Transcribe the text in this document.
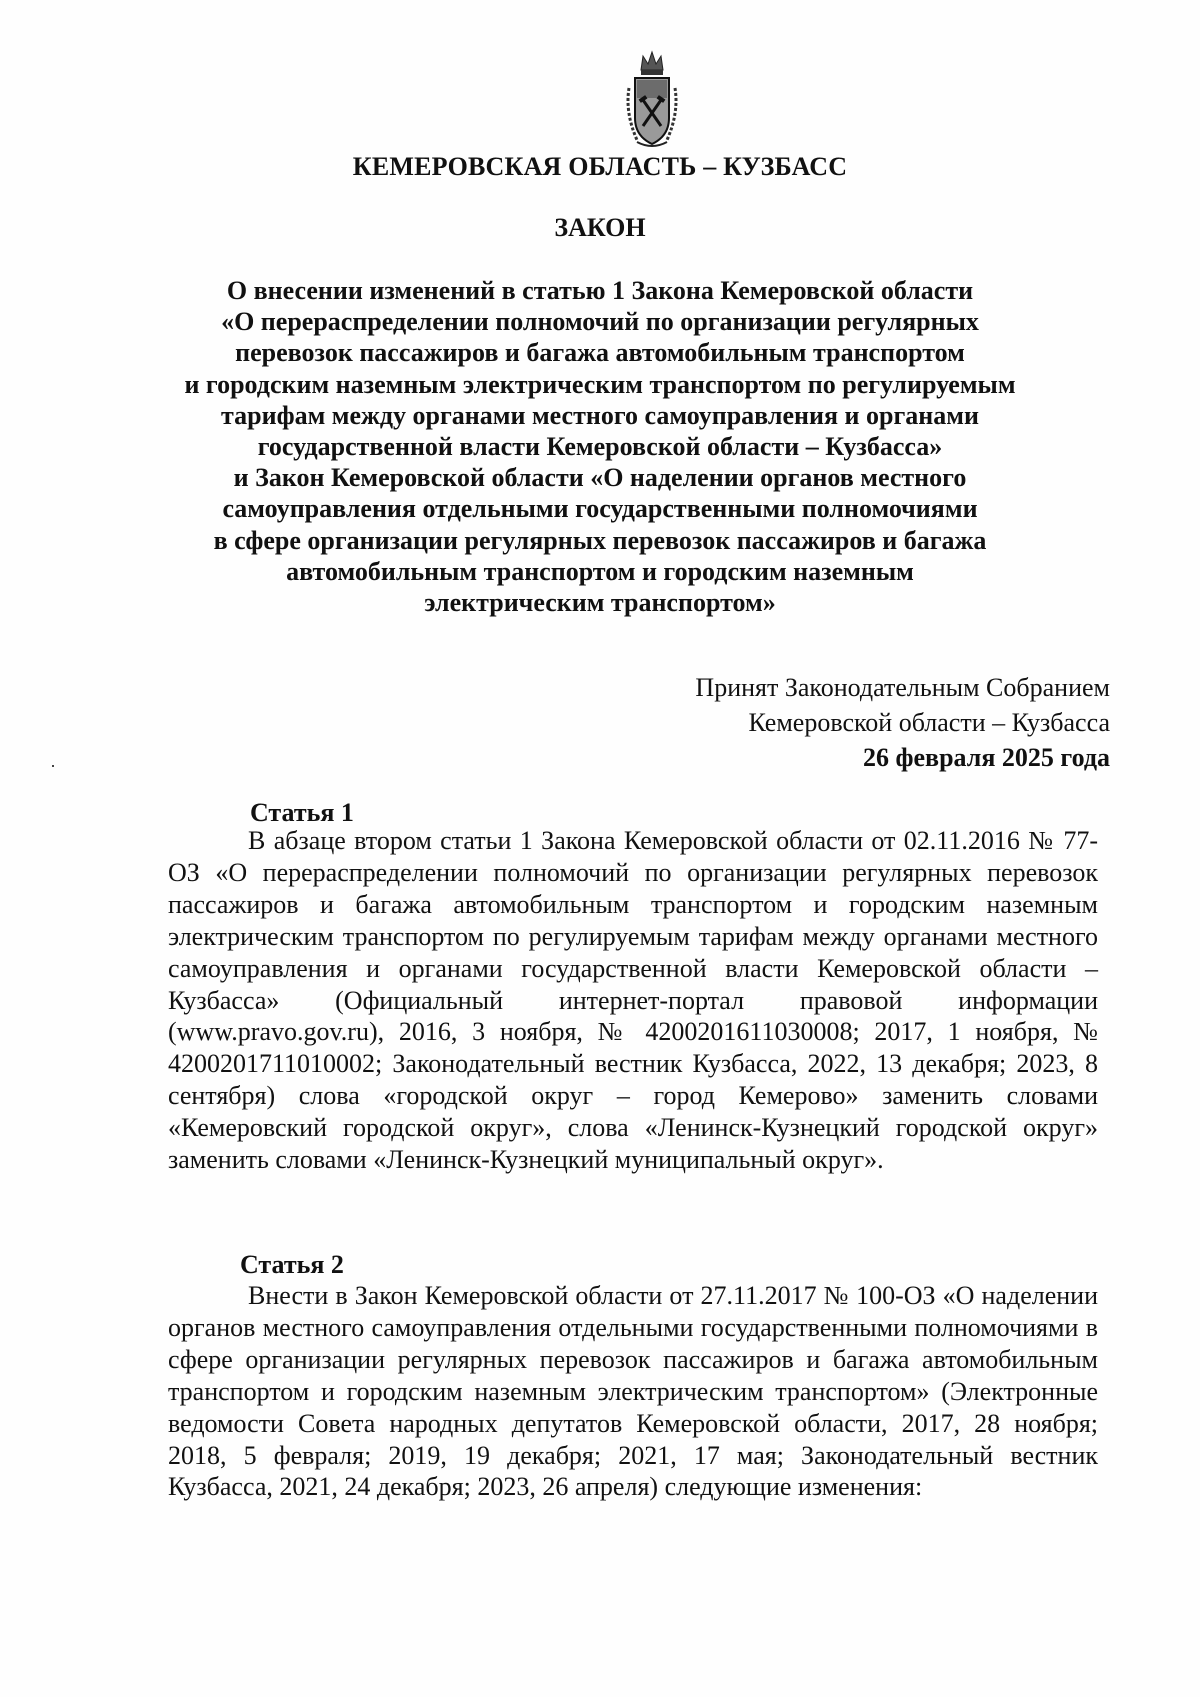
КЕМЕРОВСКАЯ ОБЛАСТЬ – КУЗБАСС
ЗАКОН
О внесении изменений в статью 1 Закона Кемеровской области
«О перераспределении полномочий по организации регулярных
перевозок пассажиров и багажа автомобильным транспортом
и городским наземным электрическим транспортом по регулируемым
тарифам между органами местного самоуправления и органами
государственной власти Кемеровской области – Кузбасса»
и Закон Кемеровской области «О наделении органов местного
самоуправления отдельными государственными полномочиями
в сфере организации регулярных перевозок пассажиров и багажа
автомобильным транспортом и городским наземным
электрическим транспортом»
Принят Законодательным Собранием
Кемеровской области – Кузбасса
26 февраля 2025 года
Статья 1

В абзаце втором статьи 1 Закона Кемеровской области от 02.11.2016 № 77-ОЗ «О перераспределении полномочий по организации регулярных перевозок пассажиров и багажа автомобильным транспортом и городским наземным электрическим транспортом по регулируемым тарифам между органами местного самоуправления и органами государственной власти Кемеровской области – Кузбасса» (Официальный интернет-портал правовой информации (www.pravo.gov.ru), 2016, 3 ноября, № 4200201611030008; 2017, 1 ноября, № 4200201711010002; Законодательный вестник Кузбасса, 2022, 13 декабря; 2023, 8 сентября) слова «городской округ – город Кемерово» заменить словами «Кемеровский городской округ», слова «Ленинск-Кузнецкий городской округ» заменить словами «Ленинск-Кузнецкий муниципальный округ».

Статья 2

Внести в Закон Кемеровской области от 27.11.2017 № 100-ОЗ «О наделении органов местного самоуправления отдельными государственными полномочиями в сфере организации регулярных перевозок пассажиров и багажа автомобильным транспортом и городским наземным электрическим транспортом» (Электронные ведомости Совета народных депутатов Кемеровской области, 2017, 28 ноября; 2018, 5 февраля; 2019, 19 декабря; 2021, 17 мая; Законодательный вестник Кузбасса, 2021, 24 декабря; 2023, 26 апреля) следующие изменения:
